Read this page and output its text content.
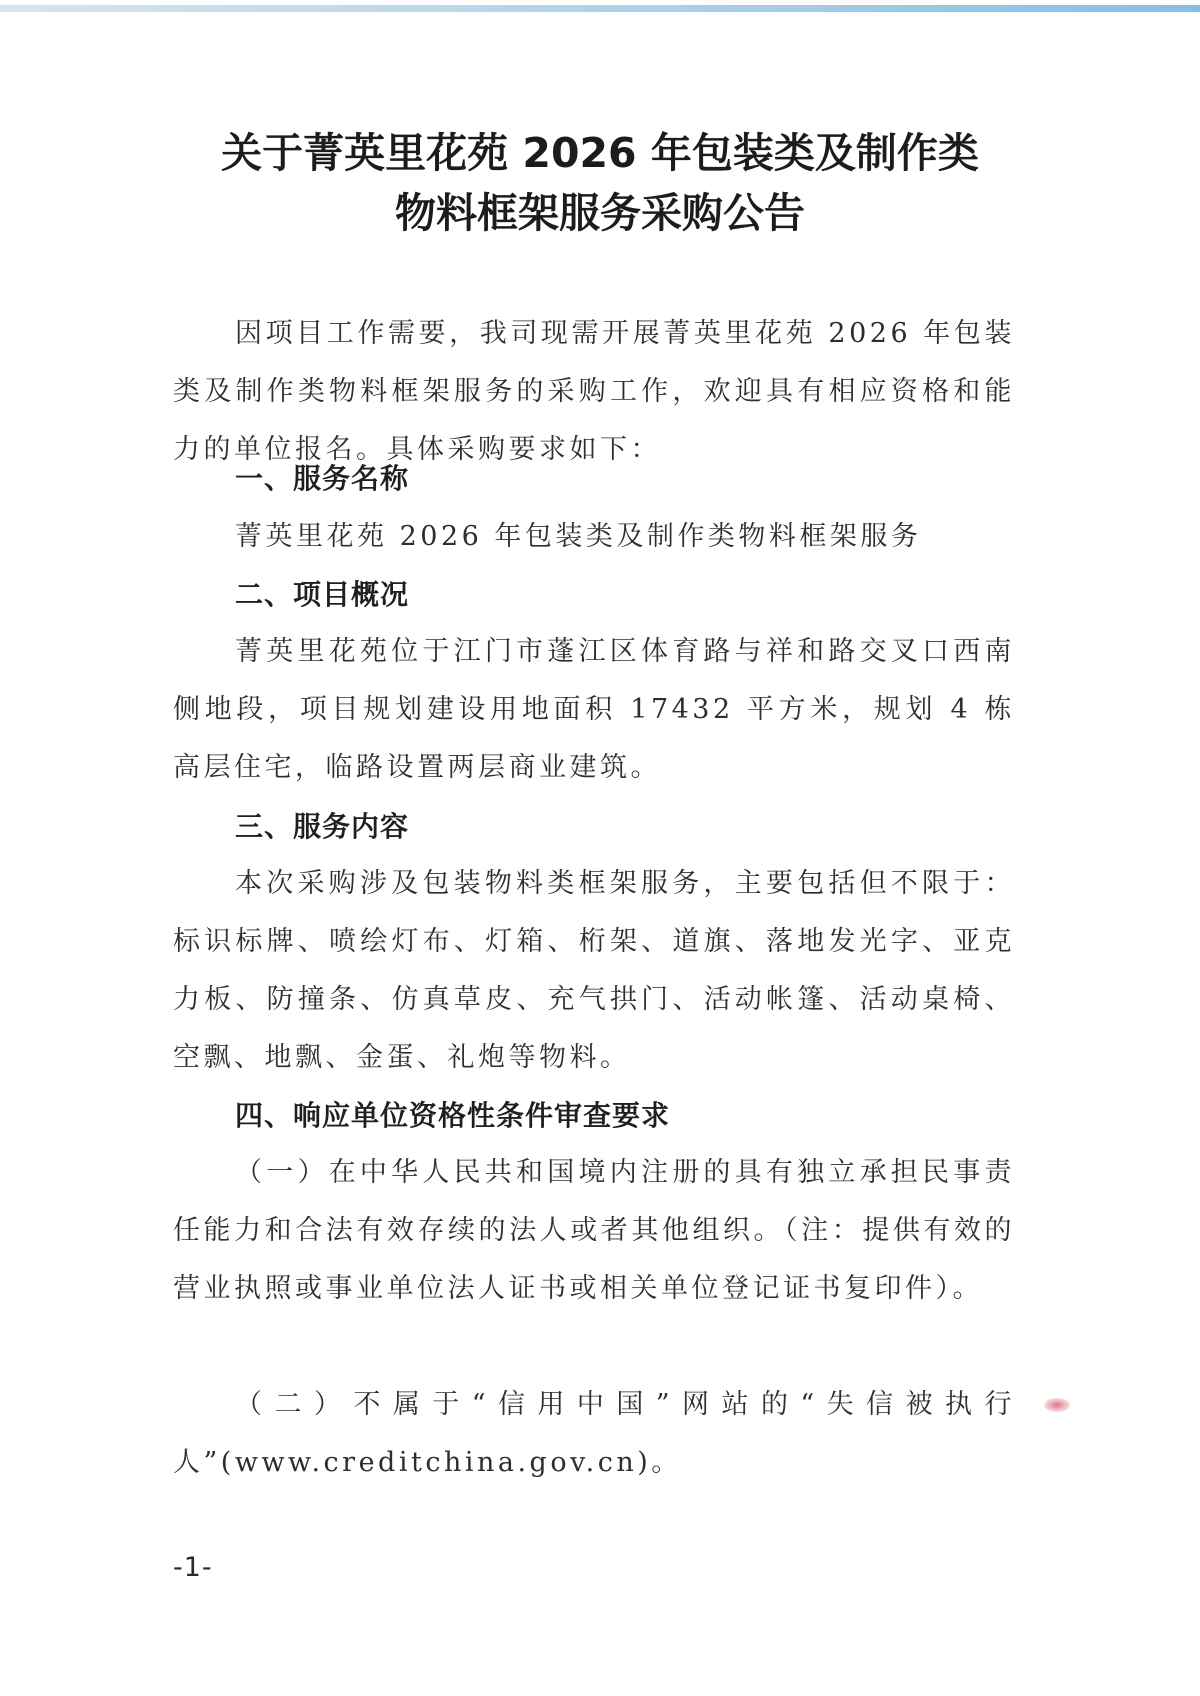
关于菁英里花苑 2026 年包装类及制作类
物料框架服务采购公告

因项目工作需要，我司现需开展菁英里花苑 2026 年包装类及制作类物料框架服务的采购工作，欢迎具有相应资格和能力的单位报名。具体采购要求如下：

一、服务名称

菁英里花苑 2026 年包装类及制作类物料框架服务

二、项目概况

菁英里花苑位于江门市蓬江区体育路与祥和路交叉口西南侧地段，项目规划建设用地面积 17432 平方米，规划 4 栋高层住宅，临路设置两层商业建筑。

三、服务内容

本次采购涉及包装物料类框架服务，主要包括但不限于：标识标牌、喷绘灯布、灯箱、桁架、道旗、落地发光字、亚克力板、防撞条、仿真草皮、充气拱门、活动帐篷、活动桌椅、空飘、地飘、金蛋、礼炮等物料。

四、响应单位资格性条件审查要求

（一）在中华人民共和国境内注册的具有独立承担民事责任能力和合法有效存续的法人或者其他组织。（注：提供有效的营业执照或事业单位法人证书或相关单位登记证书复印件）。

（二）不属于“信用中国”网站的“失信被执行人”(www.creditchina.gov.cn)。

-1-
